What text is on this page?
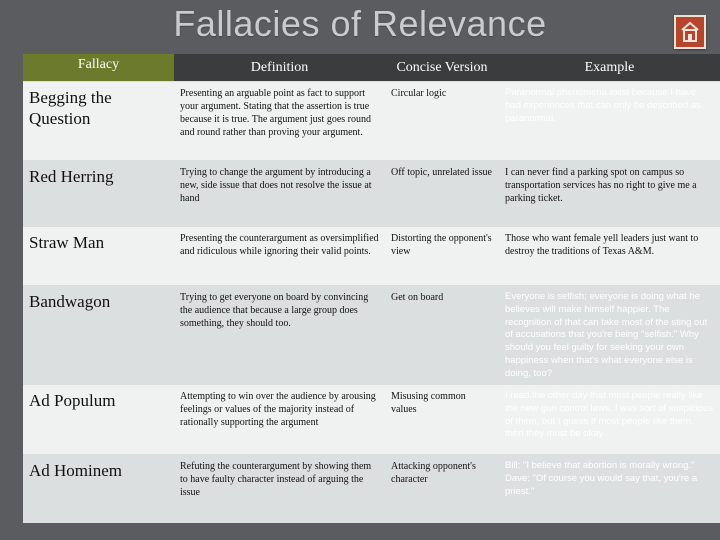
Fallacies of Relevance
Fallacy	Definition	Concise Version	Example
Begging the Question	Presenting an arguable point as fact to support your argument. Stating that the assertion is true because it is true. The argument just goes round and round rather than proving your argument.	Circular logic	Paranormal phenomena exist because I have had experiences that can only be described as paranormal.
Red Herring	Trying to change the argument by introducing a new, side issue that does not resolve the issue at hand	Off topic, unrelated issue	I can never find a parking spot on campus so transportation services has no right to give me a parking ticket.
Straw Man	Presenting the counterargument as oversimplified and ridiculous while ignoring their valid points.	Distorting the opponent's view	Those who want female yell leaders just want to destroy the traditions of Texas A&M.
Bandwagon	Trying to get everyone on board by convincing the audience that because a large group does something, they should too.	Get on board	Everyone is selfish; everyone is doing what he believes will make himself happier. The recognition of that can take most of the sting out of accusations that you're being "selfish." Why should you feel guilty for seeking your own happiness when that's what everyone else is doing, too?
Ad Populum	Attempting to win over the audience by arousing feelings or values of the majority instead of rationally supporting the argument	Misusing common values	I read the other day that most people really like the new gun control laws. I was sort of suspicious of them, but I guess if most people like them, then they must be okay.
Ad Hominem	Refuting the counterargument by showing them to have faulty character instead of arguing the issue	Attacking opponent's character	Bill: "I believe that abortion is morally wrong." Dave: "Of course you would say that, you're a priest."
